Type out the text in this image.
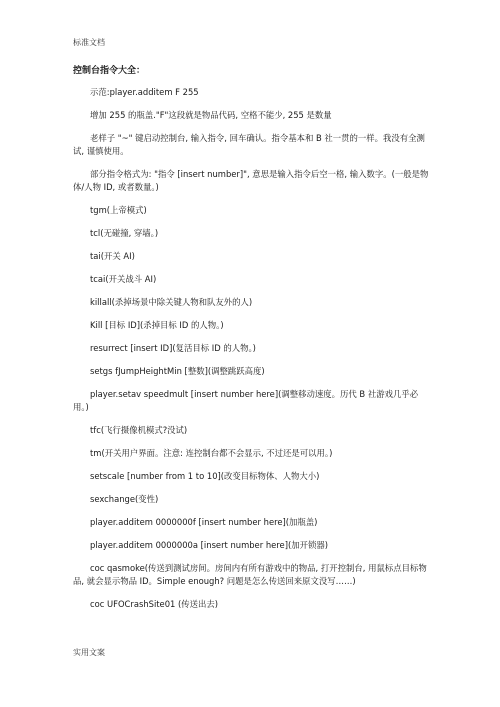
标准文档
控制台指令大全：

示范:player.additem F 255

增加 255 的瓶盖."F"这段就是物品代码, 空格不能少, 255 是数量

老样子 "~" 键启动控制台, 输入指令, 回车确认。指令基本和 B 社一贯的一样。我没有全测试, 谨慎使用。

部分指令格式为: "指令 [insert number]", 意思是输入指令后空一格, 输入数字。(一般是物体/人物 ID, 或者数量。)

tgm(上帝模式)

tcl(无碰撞, 穿墙。)

tai(开关 AI)

tcai(开关战斗 AI)

killall(杀掉场景中除关键人物和队友外的人)

Kill [目标 ID](杀掉目标 ID 的人物。)

resurrect [insert ID](复活目标 ID 的人物。)

setgs fJumpHeightMin [整数](调整跳跃高度)

player.setav speedmult [insert number here](调整移动速度。历代 B 社游戏几乎必用。)

tfc(飞行摄像机模式?没试)

tm(开关用户界面。注意: 连控制台都不会显示, 不过还是可以用。)

setscale [number from 1 to 10](改变目标物体、人物大小)

sexchange(变性)

player.additem 0000000f [insert number here](加瓶盖)

player.additem 0000000a [insert number here](加开锁器)

coc qasmoke(传送到测试房间。房间内有所有游戏中的物品, 打开控制台, 用鼠标点目标物品, 就会显示物品 ID。Simple enough? 问题是怎么传送回来原文没写……)

coc UFOCrashSite01 (传送出去)

实用文案
